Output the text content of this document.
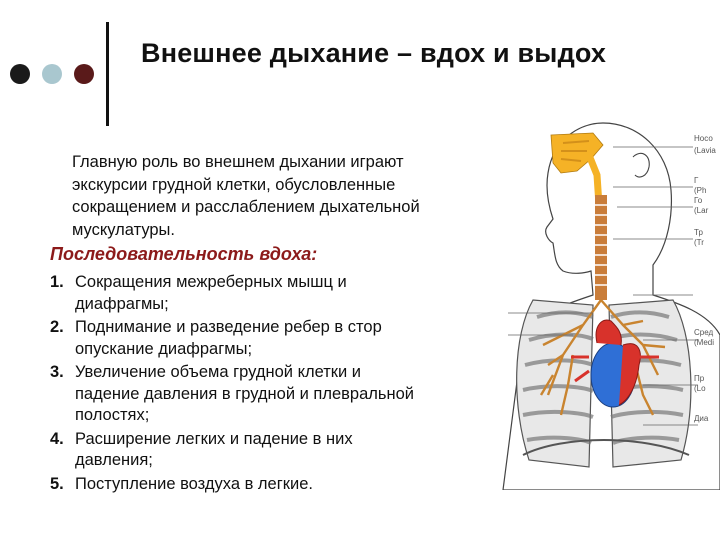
Внешнее дыхание – вдох и выдох
Главную роль во внешнем дыхании играют
экскурсии грудной клетки, обусловленные
сокращением и расслаблением дыхательной
мускулатуры.
Последовательность вдоха:
1. Сокращения межреберных мышц и
диафрагмы;
2. Поднимание и разведение ребер в стор
опускание диафрагмы;
3. Увеличение объема грудной клетки и
падение давления в грудной и плевральной
полостях;
4. Расширение легких и падение в них
давления;
5. Поступление воздуха в легкие.
Носо
(Lavia
Г
(Ph
Го
(Lar
Тр
(Tr
Сред
(Medi
Пр
(Lo
Диа
